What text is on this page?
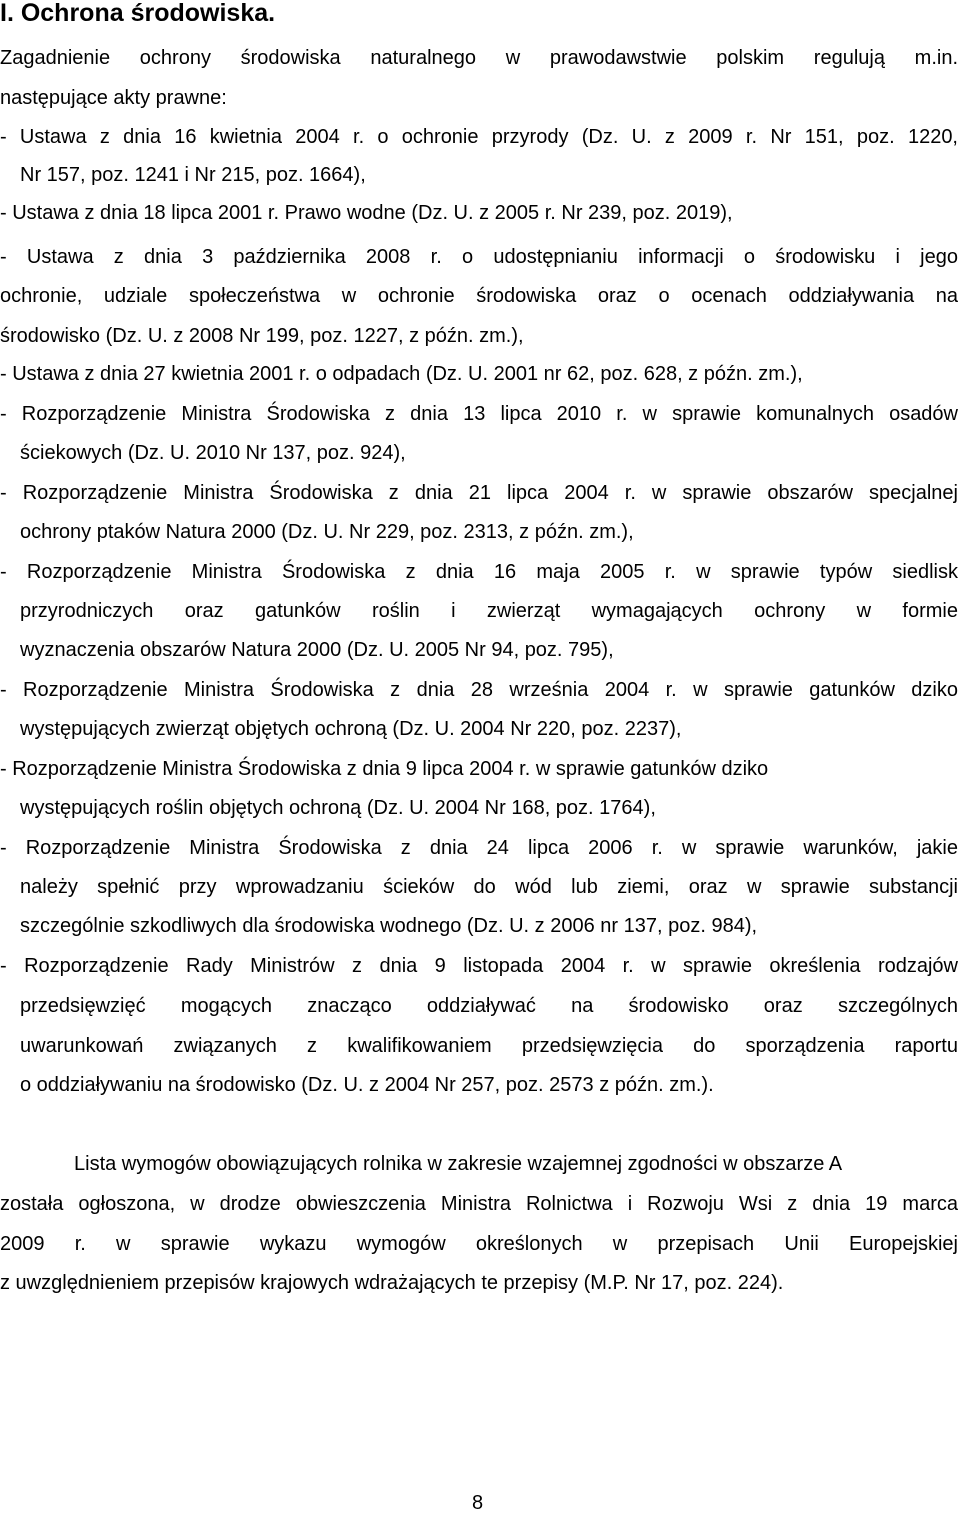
I. Ochrona środowiska.
Zagadnienie ochrony środowiska naturalnego w prawodawstwie polskim regulują m.in.
następujące akty prawne:
- Ustawa z dnia 16 kwietnia 2004 r. o ochronie przyrody (Dz. U. z 2009 r. Nr 151, poz. 1220,
Nr 157, poz. 1241 i Nr 215, poz. 1664),
- Ustawa z dnia 18 lipca 2001 r. Prawo wodne (Dz. U. z 2005 r. Nr 239, poz. 2019),
- Ustawa z dnia 3 października 2008 r. o udostępnianiu informacji o środowisku i jego
ochronie, udziale społeczeństwa w ochronie środowiska oraz o ocenach oddziaływania na
środowisko (Dz. U. z 2008 Nr 199, poz. 1227, z późn. zm.),
- Ustawa z dnia 27 kwietnia 2001 r. o odpadach (Dz. U. 2001 nr 62, poz. 628, z późn. zm.),
- Rozporządzenie Ministra Środowiska z dnia 13 lipca 2010 r. w sprawie komunalnych osadów
ściekowych (Dz. U. 2010 Nr 137, poz. 924),
- Rozporządzenie Ministra Środowiska z dnia 21 lipca 2004 r. w sprawie obszarów specjalnej
ochrony ptaków Natura 2000 (Dz. U. Nr 229, poz. 2313, z późn. zm.),
- Rozporządzenie Ministra Środowiska z dnia 16 maja 2005 r. w sprawie typów siedlisk
przyrodniczych oraz gatunków roślin i zwierząt wymagających ochrony w formie
wyznaczenia obszarów Natura 2000 (Dz. U. 2005 Nr 94, poz. 795),
- Rozporządzenie Ministra Środowiska z dnia 28 września 2004 r. w sprawie gatunków dziko
występujących zwierząt objętych ochroną (Dz. U. 2004 Nr 220, poz. 2237),
- Rozporządzenie Ministra Środowiska z dnia 9 lipca 2004 r. w sprawie gatunków dziko
występujących roślin objętych ochroną (Dz. U. 2004 Nr 168, poz. 1764),
- Rozporządzenie Ministra Środowiska z dnia 24 lipca 2006 r. w sprawie warunków, jakie
należy spełnić przy wprowadzaniu ścieków do wód lub ziemi, oraz w sprawie substancji
szczególnie szkodliwych dla środowiska wodnego (Dz. U. z 2006 nr 137, poz. 984),
- Rozporządzenie Rady Ministrów z dnia 9 listopada 2004 r. w sprawie określenia rodzajów
przedsięwzięć mogących znacząco oddziaływać na środowisko oraz szczególnych
uwarunkowań związanych z kwalifikowaniem przedsięwzięcia do sporządzenia raportu
o oddziaływaniu na środowisko (Dz. U. z 2004 Nr 257, poz. 2573 z późn. zm.).
Lista wymogów obowiązujących rolnika w zakresie wzajemnej zgodności w obszarze A
została ogłoszona, w drodze obwieszczenia Ministra Rolnictwa i Rozwoju Wsi z dnia 19 marca
2009 r. w sprawie wykazu wymogów określonych w przepisach Unii Europejskiej
z uwzględnieniem przepisów krajowych wdrażających te przepisy (M.P. Nr 17, poz. 224).
8
